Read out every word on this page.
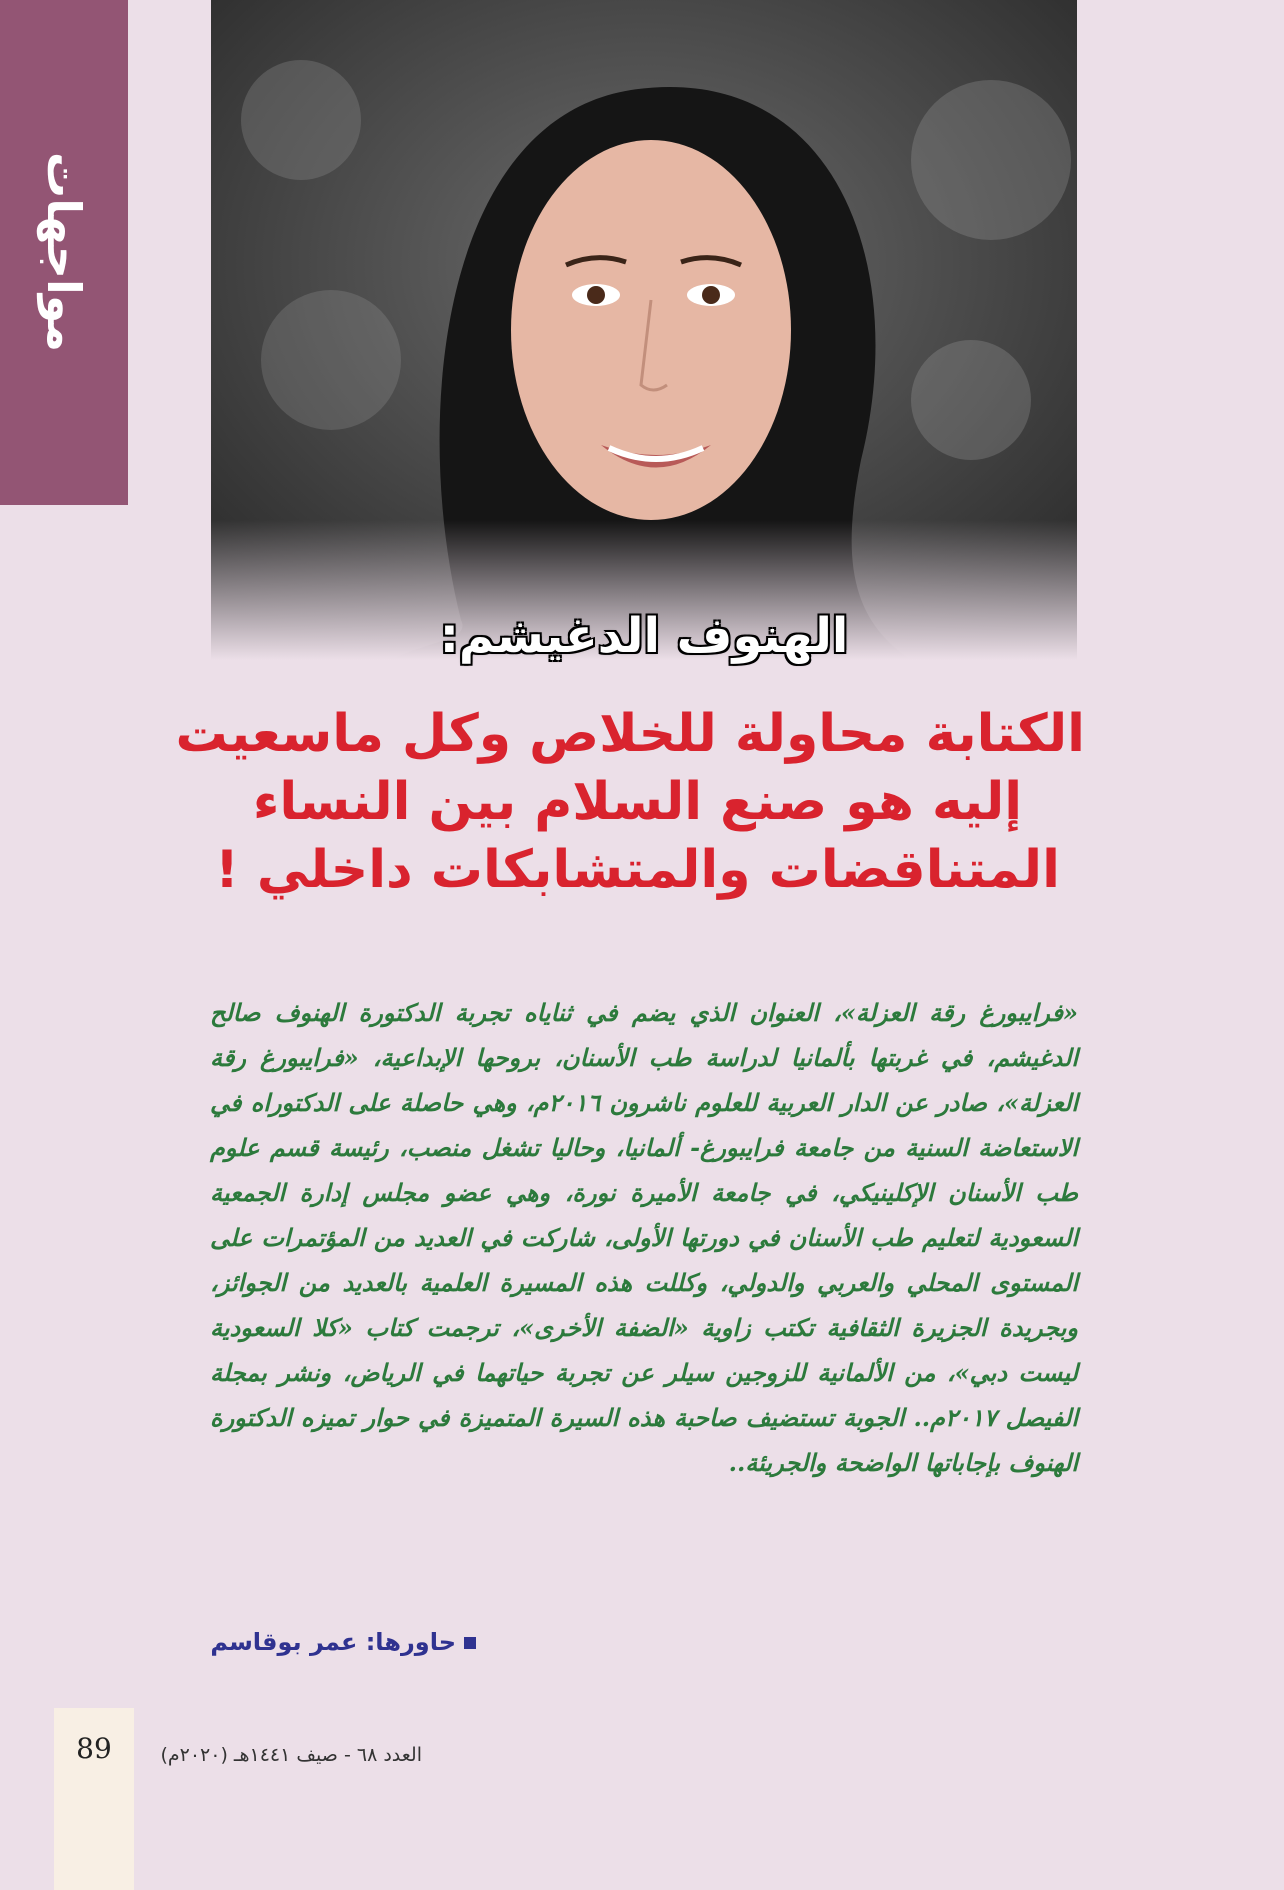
مواجهات
الهنوف الدغيشم:
الكتابة محاولة للخلاص وكل ماسعيت
إليه هو صنع السلام بين النساء
المتناقضات والمتشابكات داخلي !
«فرايبورغ رقة العزلة»، العنوان الذي يضم في ثناياه تجربة الدكتورة الهنوف صالح الدغيشم، في غربتها بألمانيا لدراسة طب الأسنان، بروحها الإبداعية، «فرايبورغ رقة العزلة»، صادر عن الدار العربية للعلوم ناشرون ٢٠١٦م، وهي حاصلة على الدكتوراه في الاستعاضة السنية من جامعة فرايبورغ- ألمانيا، وحاليا تشغل منصب، رئيسة قسم علوم طب الأسنان الإكلينيكي، في جامعة الأميرة نورة، وهي عضو مجلس إدارة الجمعية السعودية لتعليم طب الأسنان في دورتها الأولى، شاركت في العديد من المؤتمرات على المستوى المحلي والعربي والدولي، وكللت هذه المسيرة العلمية بالعديد من الجوائز، وبجريدة الجزيرة الثقافية تكتب زاوية «الضفة الأخرى»، ترجمت كتاب «كلا السعودية ليست دبي»، من الألمانية للزوجين سيلر عن تجربة حياتهما في الرياض، ونشر بمجلة الفيصل ٢٠١٧م.. الجوبة تستضيف صاحبة هذه السيرة المتميزة في حوار تميزه الدكتورة الهنوف بإجاباتها الواضحة والجريئة..
حاورها: عمر بوقاسم
89	العدد ٦٨ - صيف ١٤٤١هـ (٢٠٢٠م)
